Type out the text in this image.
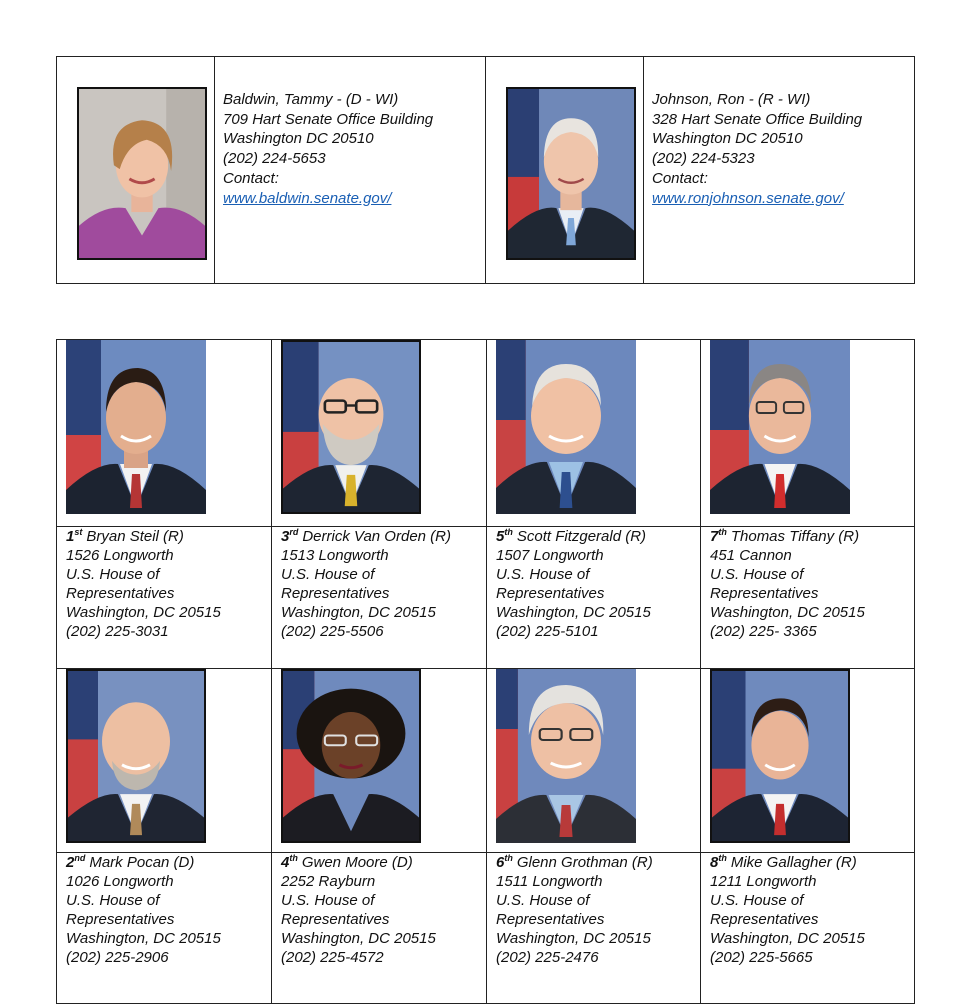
Baldwin, Tammy - (D - WI)
709 Hart Senate Office Building
Washington DC 20510
(202) 224-5653
Contact:
www.baldwin.senate.gov/
Johnson, Ron - (R - WI)
328 Hart Senate Office Building
Washington DC 20510
(202) 224-5323
Contact:
www.ronjohnson.senate.gov/
1st Bryan Steil (R)
1526 Longworth
U.S. House of
Representatives
Washington, DC 20515
(202) 225-3031
3rd Derrick Van Orden (R)
1513 Longworth
U.S. House of
Representatives
Washington, DC 20515
(202) 225-5506
5th Scott Fitzgerald (R)
1507 Longworth
U.S. House of
Representatives
Washington, DC 20515
(202) 225-5101
7th Thomas Tiffany (R)
451 Cannon
U.S. House of
Representatives
Washington, DC 20515
(202) 225- 3365
2nd Mark Pocan (D)
1026 Longworth
U.S. House of
Representatives
Washington, DC 20515
(202) 225-2906
4th Gwen Moore (D)
2252 Rayburn
U.S. House of
Representatives
Washington, DC 20515
(202) 225-4572
6th Glenn Grothman (R)
1511 Longworth
U.S. House of
Representatives
Washington, DC 20515
(202) 225-2476
8th Mike Gallagher (R)
1211 Longworth
U.S. House of
Representatives
Washington, DC 20515
(202) 225-5665
